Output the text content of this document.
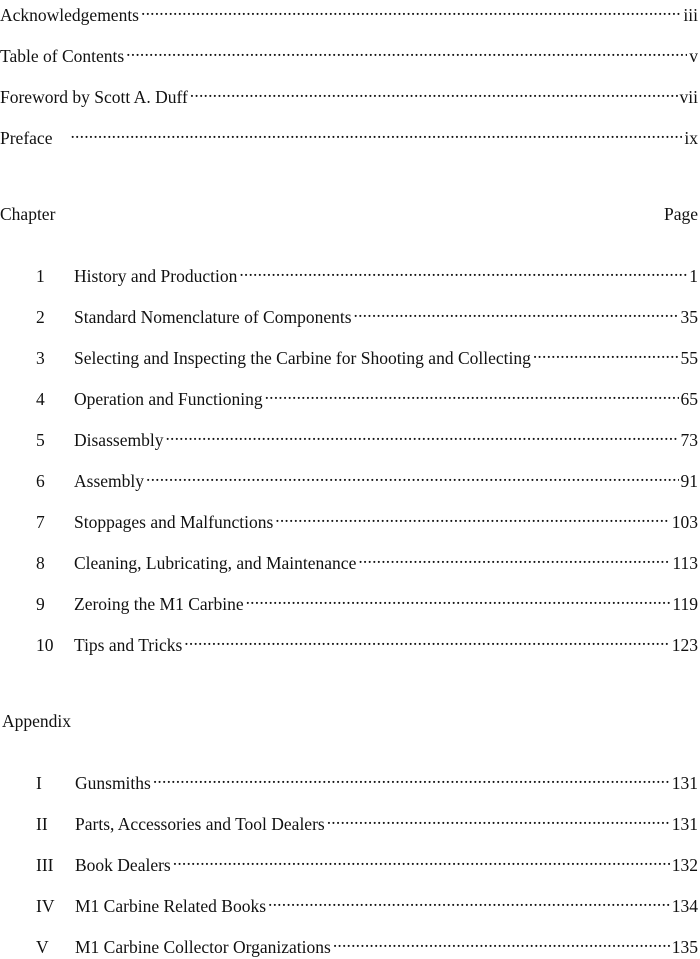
Acknowledgements .....	iii
Table of Contents .....	v
Foreword by Scott A. Duff .....	vii
Preface .....	ix
Chapter	Page
1	History and Production .....	1
2	Standard Nomenclature of Components .....	35
3	Selecting and Inspecting the Carbine for Shooting and Collecting .....	55
4	Operation and Functioning .....	65
5	Disassembly .....	73
6	Assembly .....	91
7	Stoppages and Malfunctions .....	103
8	Cleaning, Lubricating, and Maintenance .....	113
9	Zeroing the M1 Carbine .....	119
10	Tips and Tricks .....	123
Appendix
I	Gunsmiths .....	131
II	Parts, Accessories and Tool Dealers .....	131
III	Book Dealers .....	132
IV	M1 Carbine Related Books .....	134
V	M1 Carbine Collector Organizations .....	135
